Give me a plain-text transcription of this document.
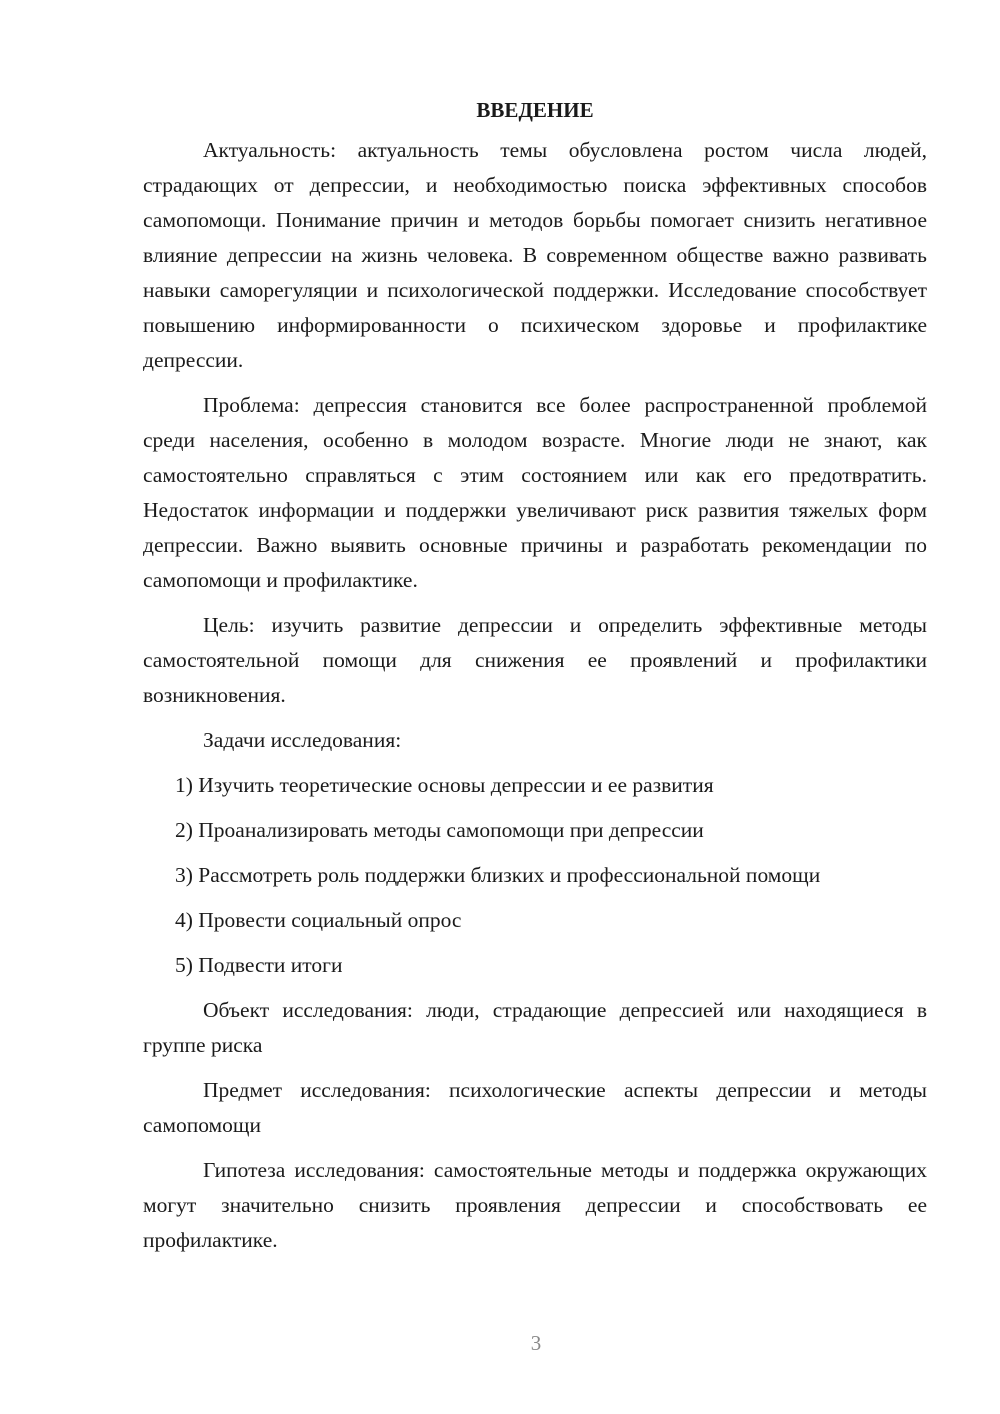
ВВЕДЕНИЕ

Актуальность: актуальность темы обусловлена ростом числа людей, страдающих от депрессии, и необходимостью поиска эффективных способов самопомощи. Понимание причин и методов борьбы помогает снизить негативное влияние депрессии на жизнь человека. В современном обществе важно развивать навыки саморегуляции и психологической поддержки. Исследование способствует повышению информированности о психическом здоровье и профилактике депрессии.

Проблема: депрессия становится все более распространенной проблемой среди населения, особенно в молодом возрасте. Многие люди не знают, как самостоятельно справляться с этим состоянием или как его предотвратить. Недостаток информации и поддержки увеличивают риск развития тяжелых форм депрессии. Важно выявить основные причины и разработать рекомендации по самопомощи и профилактике.

Цель: изучить развитие депрессии и определить эффективные методы самостоятельной помощи для снижения ее проявлений и профилактики возникновения.

Задачи исследования:

1) Изучить теоретические основы депрессии и ее развития
2) Проанализировать методы самопомощи при депрессии
3) Рассмотреть роль поддержки близких и профессиональной помощи
4) Провести социальный опрос
5) Подвести итоги

Объект исследования: люди, страдающие депрессией или находящиеся в группе риска

Предмет исследования: психологические аспекты депрессии и методы самопомощи

Гипотеза исследования: самостоятельные методы и поддержка окружающих могут значительно снизить проявления депрессии и способствовать ее профилактике.

3
